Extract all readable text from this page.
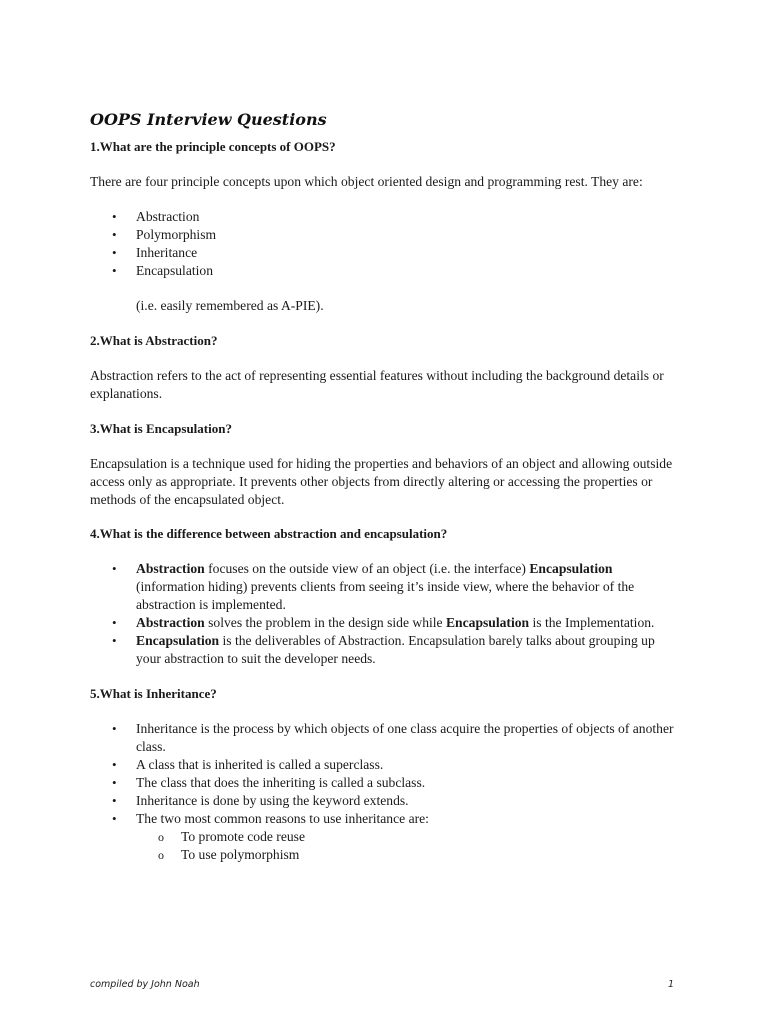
OOPS Interview Questions

1.What are the principle concepts of OOPS?

There are four principle concepts upon which object oriented design and programming rest. They are:

• Abstraction
• Polymorphism
• Inheritance
• Encapsulation

(i.e. easily remembered as A-PIE).

2.What is Abstraction?

Abstraction refers to the act of representing essential features without including the background details or explanations.

3.What is Encapsulation?

Encapsulation is a technique used for hiding the properties and behaviors of an object and allowing outside access only as appropriate. It prevents other objects from directly altering or accessing the properties or methods of the encapsulated object.

4.What is the difference between abstraction and encapsulation?

• Abstraction focuses on the outside view of an object (i.e. the interface) Encapsulation (information hiding) prevents clients from seeing it’s inside view, where the behavior of the abstraction is implemented.
• Abstraction solves the problem in the design side while Encapsulation is the Implementation.
• Encapsulation is the deliverables of Abstraction. Encapsulation barely talks about grouping up your abstraction to suit the developer needs.

5.What is Inheritance?

• Inheritance is the process by which objects of one class acquire the properties of objects of another class.
• A class that is inherited is called a superclass.
• The class that does the inheriting is called a subclass.
• Inheritance is done by using the keyword extends.
• The two most common reasons to use inheritance are:
o To promote code reuse
o To use polymorphism
compiled by John Noah	1
